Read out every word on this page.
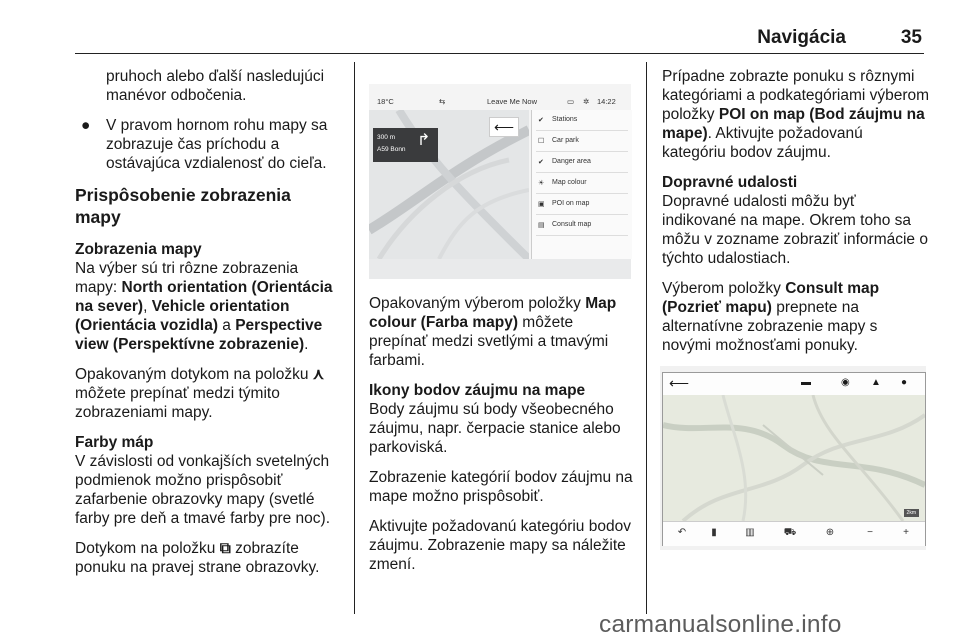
Navigácia	35

pruhoch alebo ďalší nasledujúci manévor odbočenia.

● V pravom hornom rohu mapy sa zobrazuje čas príchodu a ostávajúca vzdialenosť do cieľa.

Prispôsobenie zobrazenia mapy
Zobrazenia mapy

Na výber sú tri rôzne zobrazenia mapy: North orientation (Orientácia na sever), Vehicle orientation (Orientácia vozidla) a Perspective view (Perspektívne zobrazenie).

Opakovaným dotykom na položku ⋏ môžete prepínať medzi týmito zobrazeniami mapy.

Farby máp

V závislosti od vonkajších svetelných podmienok možno prispôsobiť zafarbenie obrazovky mapy (svetlé farby pre deň a tmavé farby pre noc).

Dotykom na položku ⧉ zobrazíte ponuku na pravej strane obrazovky.

18°C	⇆	Leave Me Now	▭ ✲ 14:22
300 m
A59 Bonn
↱
⟵	✔	Stations
☐ Car park
✔	Danger area
☀ Map colour
▣ POI on map
▤ Consult map

Opakovaným výberom položky Map colour (Farba mapy) môžete prepínať medzi svetlými a tmavými farbami.

Ikony bodov záujmu na mape

Body záujmu sú body všeobecného záujmu, napr. čerpacie stanice alebo parkoviská.

Zobrazenie kategórií bodov záujmu na mape možno prispôsobiť.

Aktivujte požadovanú kategóriu bodov záujmu. Zobrazenie mapy sa náležite zmení.

Prípadne zobrazte ponuku s rôznymi kategóriami a podkategóriami výberom položky POI on map (Bod záujmu na mape). Aktivujte požadovanú kategóriu bodov záujmu.

Dopravné udalosti

Dopravné udalosti môžu byť indikované na mape. Okrem toho sa môžu v zozname zobraziť informácie o týchto udalostiach.

Výberom položky Consult map (Pozrieť mapu) prepnete na alternatívne zobrazenie mapy s novými možnosťami ponuky.

⟵	▬	◉ ▲ ●
2km
↶	▮	▥	⛟	⊕	−	+
carmanualsonline.info
